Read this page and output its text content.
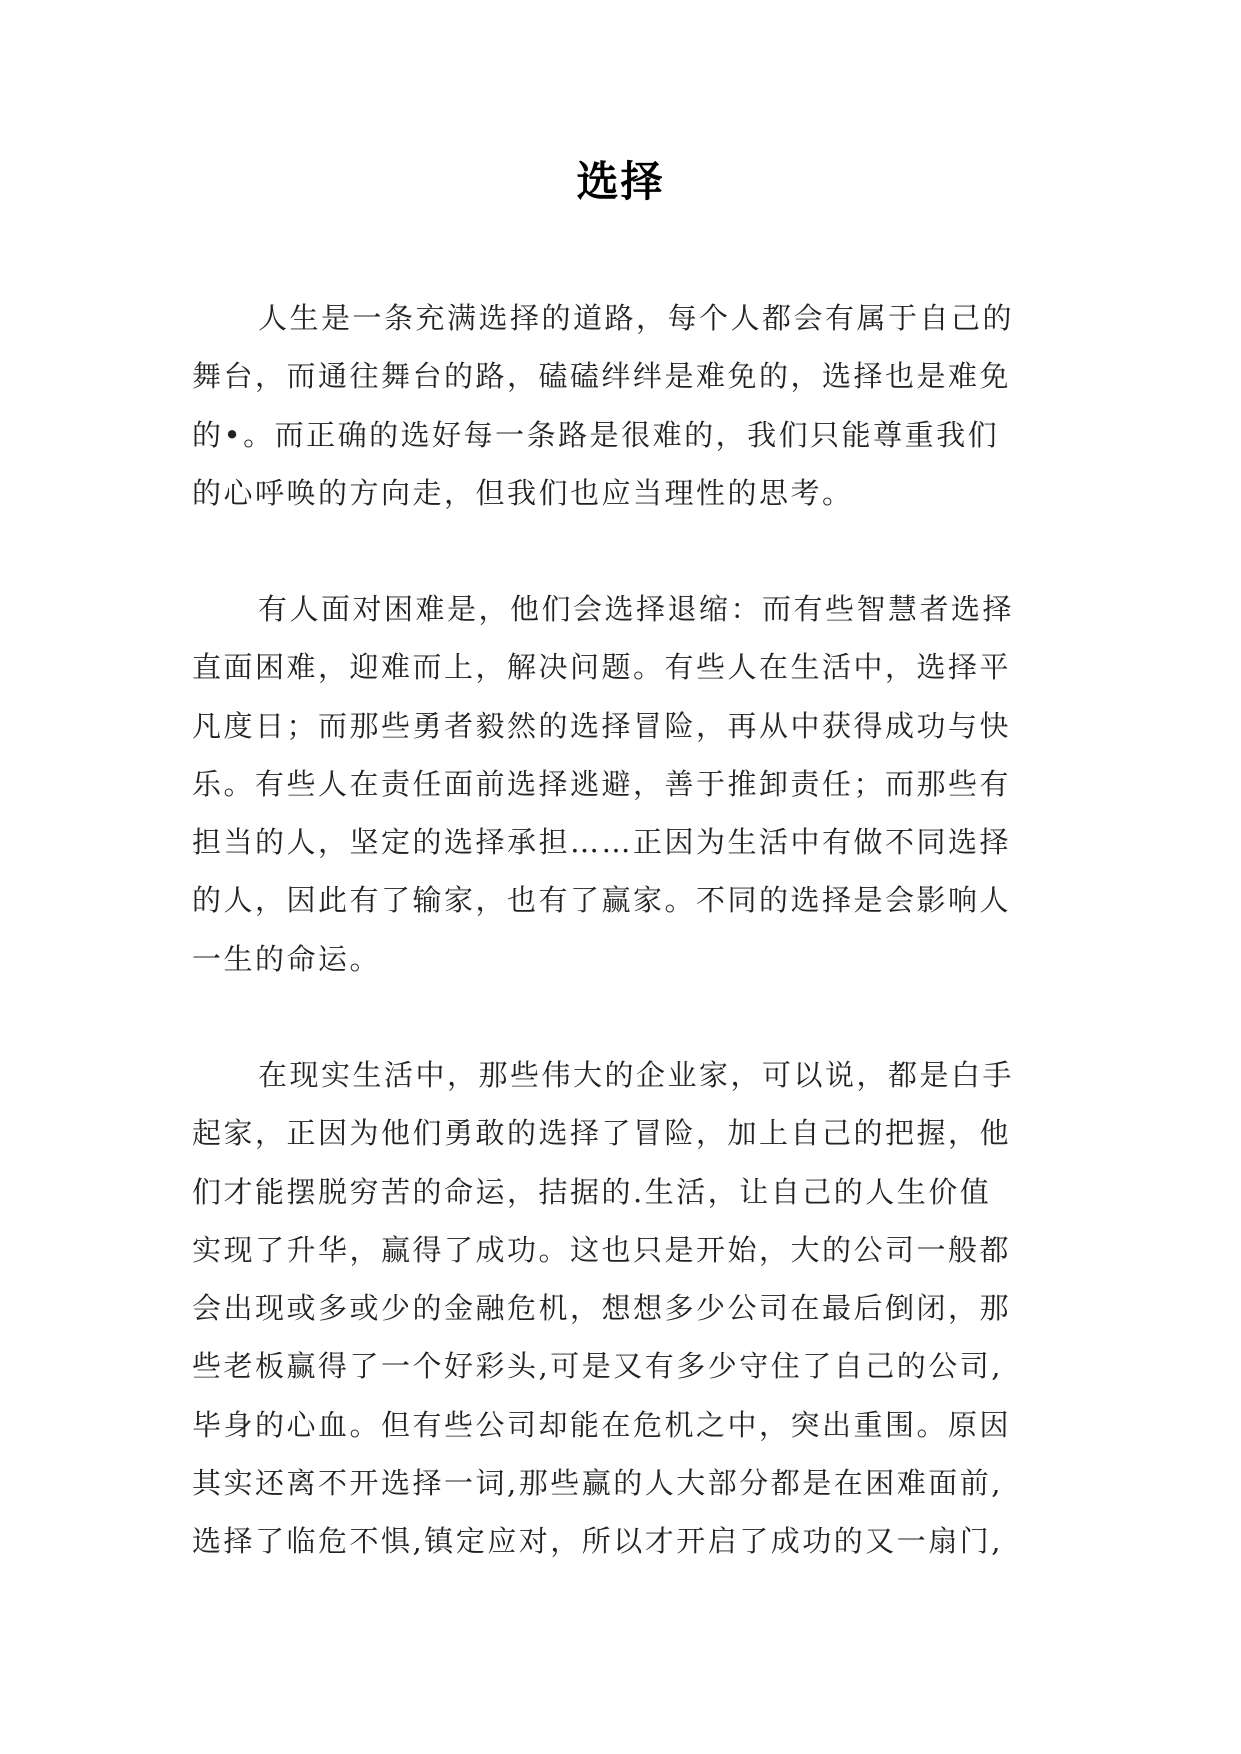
选择
人生是一条充满选择的道路，每个人都会有属于自己的
舞台，而通往舞台的路，磕磕绊绊是难免的，选择也是难免
的•。而正确的选好每一条路是很难的，我们只能尊重我们
的心呼唤的方向走，但我们也应当理性的思考。
有人面对困难是，他们会选择退缩：而有些智慧者选择
直面困难，迎难而上，解决问题。有些人在生活中，选择平
凡度日；而那些勇者毅然的选择冒险，再从中获得成功与快
乐。有些人在责任面前选择逃避，善于推卸责任；而那些有
担当的人，坚定的选择承担……正因为生活中有做不同选择
的人，因此有了输家，也有了赢家。不同的选择是会影响人
一生的命运。
在现实生活中，那些伟大的企业家，可以说，都是白手
起家，正因为他们勇敢的选择了冒险，加上自己的把握，他
们才能摆脱穷苦的命运，拮据的.生活，让自己的人生价值
实现了升华，赢得了成功。这也只是开始，大的公司一般都
会出现或多或少的金融危机，想想多少公司在最后倒闭，那
些老板赢得了一个好彩头,可是又有多少守住了自己的公司,
毕身的心血。但有些公司却能在危机之中，突出重围。原因
其实还离不开选择一词,那些赢的人大部分都是在困难面前,
选择了临危不惧,镇定应对，所以才开启了成功的又一扇门,
